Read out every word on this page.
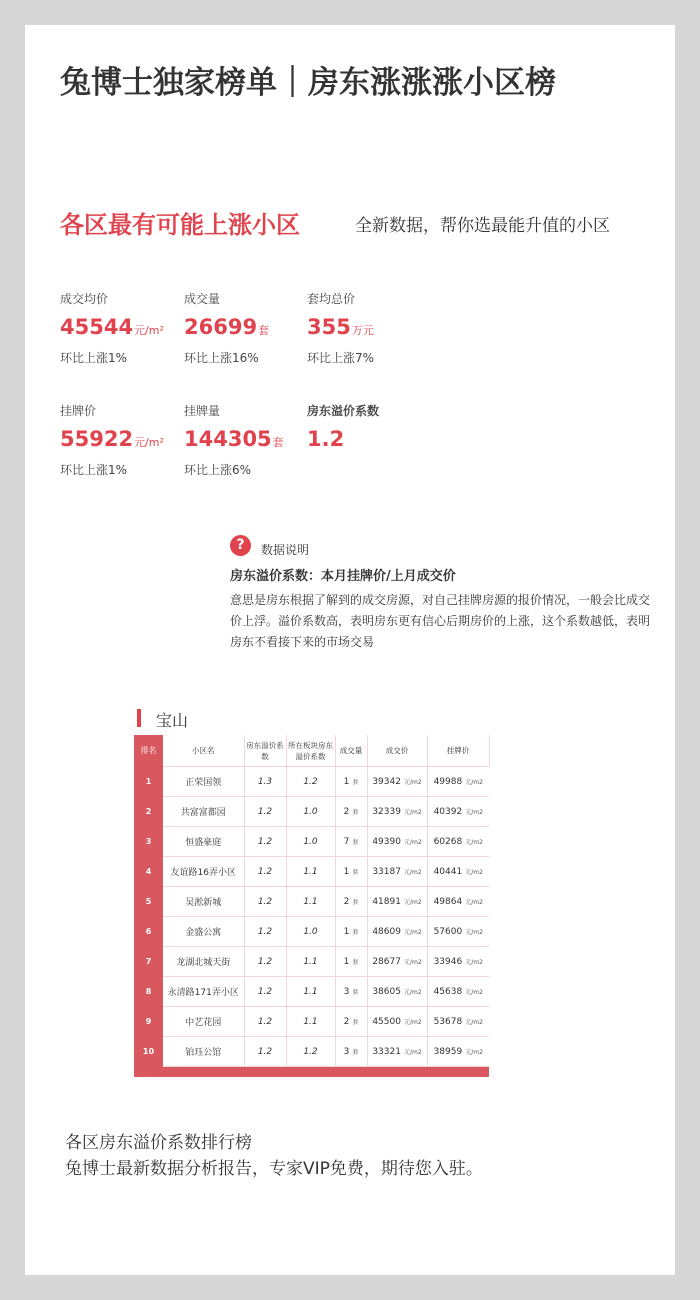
兔博士独家榜单｜房东涨涨涨小区榜
各区最有可能上涨小区	全新数据，帮你选最能升值的小区
成交均价
45544元/m²
环比上涨1%
成交量
26699套
环比上涨16%
套均总价
355万元
环比上涨7%
挂牌价
55922元/m²
环比上涨1%
挂牌量
144305套
环比上涨6%
房东溢价系数
1.2
?	数据说明
房东溢价系数：本月挂牌价/上月成交价
意思是房东根据了解到的成交房源，对自己挂牌房源的报价情况，一般会比成交价上浮。溢价系数高，表明房东更有信心后期房价的上涨，这个系数越低，表明房东不看接下来的市场交易
宝山
排名	小区名	房东溢价系数	所在板块房东溢价系数	成交量	成交价	挂牌价
1	正荣国领	1.3	1.2	1 套	39342 元/m2	49988 元/m2
2	共富富都园	1.2	1.0	2 套	32339 元/m2	40392 元/m2
3	恒盛豪庭	1.2	1.0	7 套	49390 元/m2	60268 元/m2
4	友谊路16弄小区	1.2	1.1	1 套	33187 元/m2	40441 元/m2
5	吴淞新城	1.2	1.1	2 套	41891 元/m2	49864 元/m2
6	金盛公寓	1.2	1.0	1 套	48609 元/m2	57600 元/m2
7	龙湖北城天街	1.2	1.1	1 套	28677 元/m2	33946 元/m2
8	永清路171弄小区	1.2	1.1	3 套	38605 元/m2	45638 元/m2
9	中艺花园	1.2	1.1	2 套	45500 元/m2	53678 元/m2
10	铂珏公馆	1.2	1.2	3 套	33321 元/m2	38959 元/m2
各区房东溢价系数排行榜
兔博士最新数据分析报告，专家VIP免费，期待您入驻。
